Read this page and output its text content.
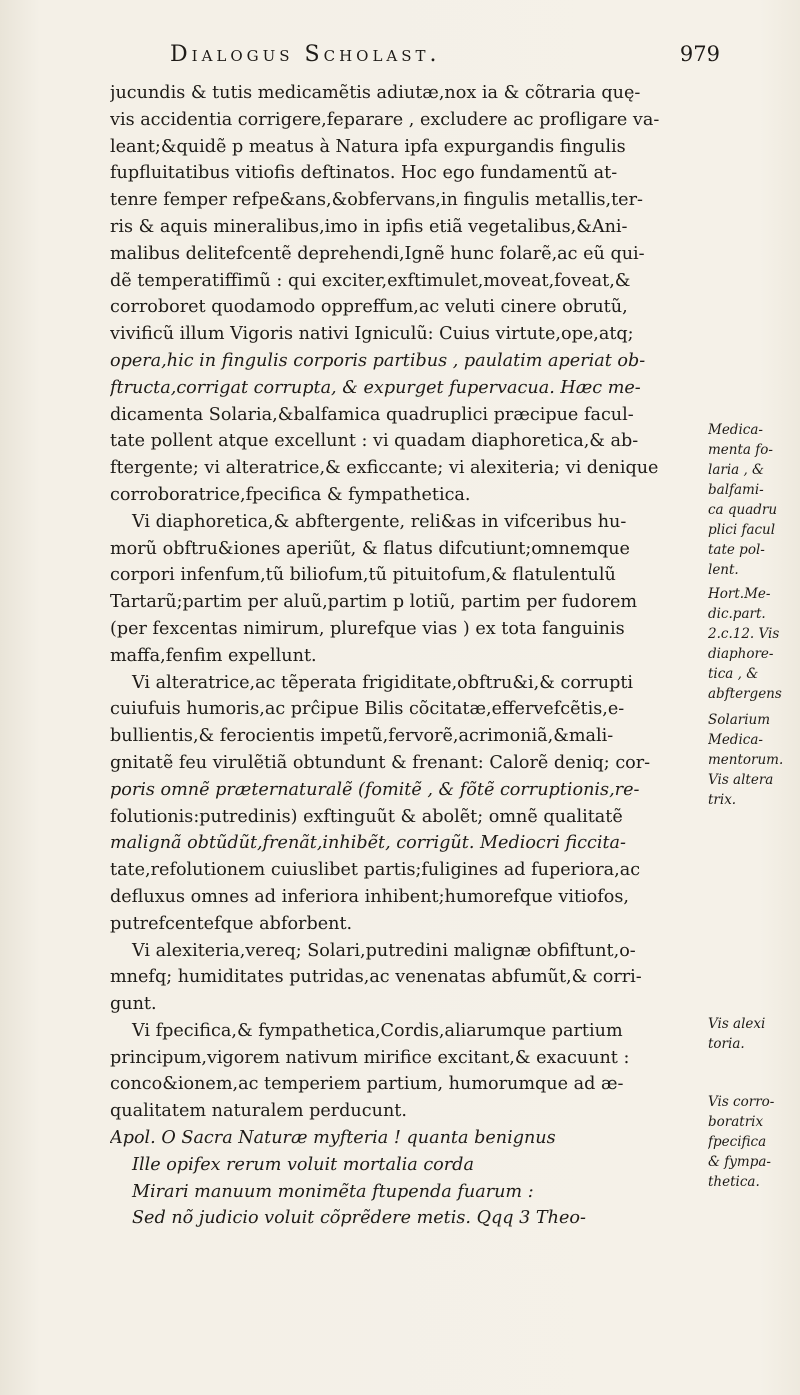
Dialogus Scholast.	979
jucundis & tutis medicamẽtis adiutæ,nox ia & cõtraria quę-
vis accidentia corrigere,feparare , excludere ac profligare va-
leant;&quidẽ p meatus à Natura ipfa expurgandis fingulis
fupfluitatibus vitiofis deftinatos. Hoc ego fundamentũ at-
tenre femper refpe&ans,&obfervans,in fingulis metallis,ter-
ris & aquis mineralibus,imo in ipfis etiã vegetalibus,&Ani-
malibus delitefcentẽ deprehendi,Ignẽ hunc folarẽ,ac eũ qui-
dẽ temperatiffimũ : qui exciter,exftimulet,moveat,foveat,&
corroboret quodamodo oppreffum,ac veluti cinere obrutũ,
vivificũ illum Vigoris nativi Igniculũ: Cuius virtute,ope,atq;
opera,hic in fingulis corporis partibus , paulatim aperiat ob-
ftructa,corrigat corrupta, & expurget fupervacua. Hæc me-
dicamenta Solaria,&balfamica quadruplici præcipue facul-
tate pollent atque excellunt : vi quadam diaphoretica,& ab-
ftergente; vi alteratrice,& exficcante; vi alexiteria; vi denique
corroboratrice,fpecifica & fympathetica.
Vi diaphoretica,& abftergente, reli&as in vifceribus hu-
morũ obftru&iones aperiũt, & flatus difcutiunt;omnemque
corpori infenfum,tũ biliofum,tũ pituitofum,& flatulentulũ
Tartarũ;partim per aluũ,partim p lotiũ, partim per fudorem
(per fexcentas nimirum, plurefque vias ) ex tota fanguinis
maffa,fenfim expellunt.
Vi alteratrice,ac tẽperata frigiditate,obftru&i,& corrupti
cuiufuis humoris,ac prĉipue Bilis cõcitatæ,effervefcẽtis,e-
bullientis,& ferocientis impetũ,fervorẽ,acrimoniã,&mali-
gnitatẽ feu virulẽtiã obtundunt & frenant: Calorẽ deniq; cor-
poris omnẽ præternaturalẽ (fomitẽ , & fõtẽ corruptionis,re-
folutionis:putredinis) exftinguũt & abolẽt; omnẽ qualitatẽ
malignã obtũdũt,frenãt,inhibẽt, corrigũt. Mediocri ficcita-
tate,refolutionem cuiuslibet partis;fuligines ad fuperiora,ac
defluxus omnes ad inferiora inhibent;humorefque vitiofos,
putrefcentefque abforbent.
Vi alexiteria,vereq; Solari,putredini malignæ obfiftunt,o-
mnefq; humiditates putridas,ac venenatas abfumũt,& corri-
gunt.
Vi fpecifica,& fympathetica,Cordis,aliarumque partium
principum,vigorem nativum mirifice excitant,& exacuunt :
conco&ionem,ac temperiem partium, humorumque ad æ-
qualitatem naturalem perducunt.
Apol. O Sacra Naturæ myfteria ! quanta benignus
Ille opifex rerum voluit mortalia corda
Mirari manuum monimẽta ftupenda fuarum :
Sed nõ judicio voluit cõprẽdere metis. Qqq 3 Theo-
Medica-
menta fo-
laria , &
balfami-
ca quadru
plici facul
tate pol-
lent.
Hort.Me-
dic.part.
2.c.12. Vis
diaphore-
tica , &
abftergens
Solarium
Medica-
mentorum.
Vis altera
trix.
Vis alexi
toria.
Vis corro-
boratrix
fpecifica
& fympa-
thetica.
